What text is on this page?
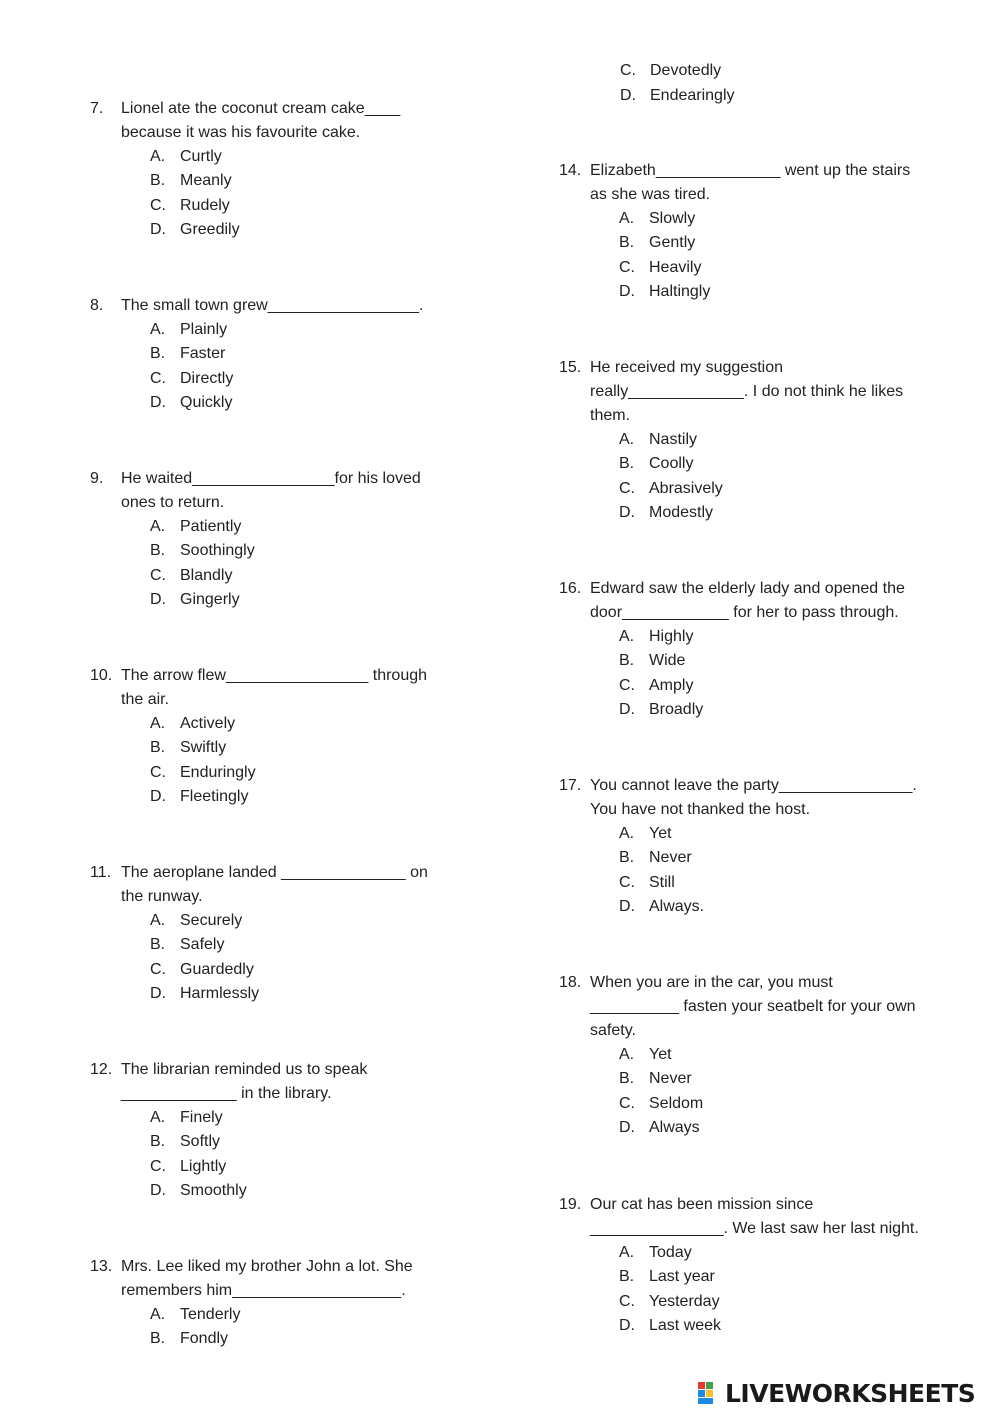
C. Devotedly
D. Endearingly
7. Lionel ate the coconut cream cake____
because it was his favourite cake.
A. Curtly
B. Meanly
C. Rudely
D. Greedily
8. The small town grew_________________.
A. Plainly
B. Faster
C. Directly
D. Quickly
9. He waited________________for his loved
ones to return.
A. Patiently
B. Soothingly
C. Blandly
D. Gingerly
10. The arrow flew________________ through
the air.
A. Actively
B. Swiftly
C. Enduringly
D. Fleetingly
11. The aeroplane landed ______________ on
the runway.
A. Securely
B. Safely
C. Guardedly
D. Harmlessly
12. The librarian reminded us to speak
_____________ in the library.
A. Finely
B. Softly
C. Lightly
D. Smoothly
13. Mrs. Lee liked my brother John a lot. She
remembers him___________________.
A. Tenderly
B. Fondly
14. Elizabeth______________ went up the stairs
as she was tired.
A. Slowly
B. Gently
C. Heavily
D. Haltingly
15. He received my suggestion
really_____________. I do not think he likes
them.
A. Nastily
B. Coolly
C. Abrasively
D. Modestly
16. Edward saw the elderly lady and opened the
door____________ for her to pass through.
A. Highly
B. Wide
C. Amply
D. Broadly
17. You cannot leave the party_______________.
You have not thanked the host.
A. Yet
B. Never
C. Still
D. Always.
18. When you are in the car, you must
__________ fasten your seatbelt for your own
safety.
A. Yet
B. Never
C. Seldom
D. Always
19. Our cat has been mission since
_______________. We last saw her last night.
A. Today
B. Last year
C. Yesterday
D. Last week
LIVEWORKSHEETS
